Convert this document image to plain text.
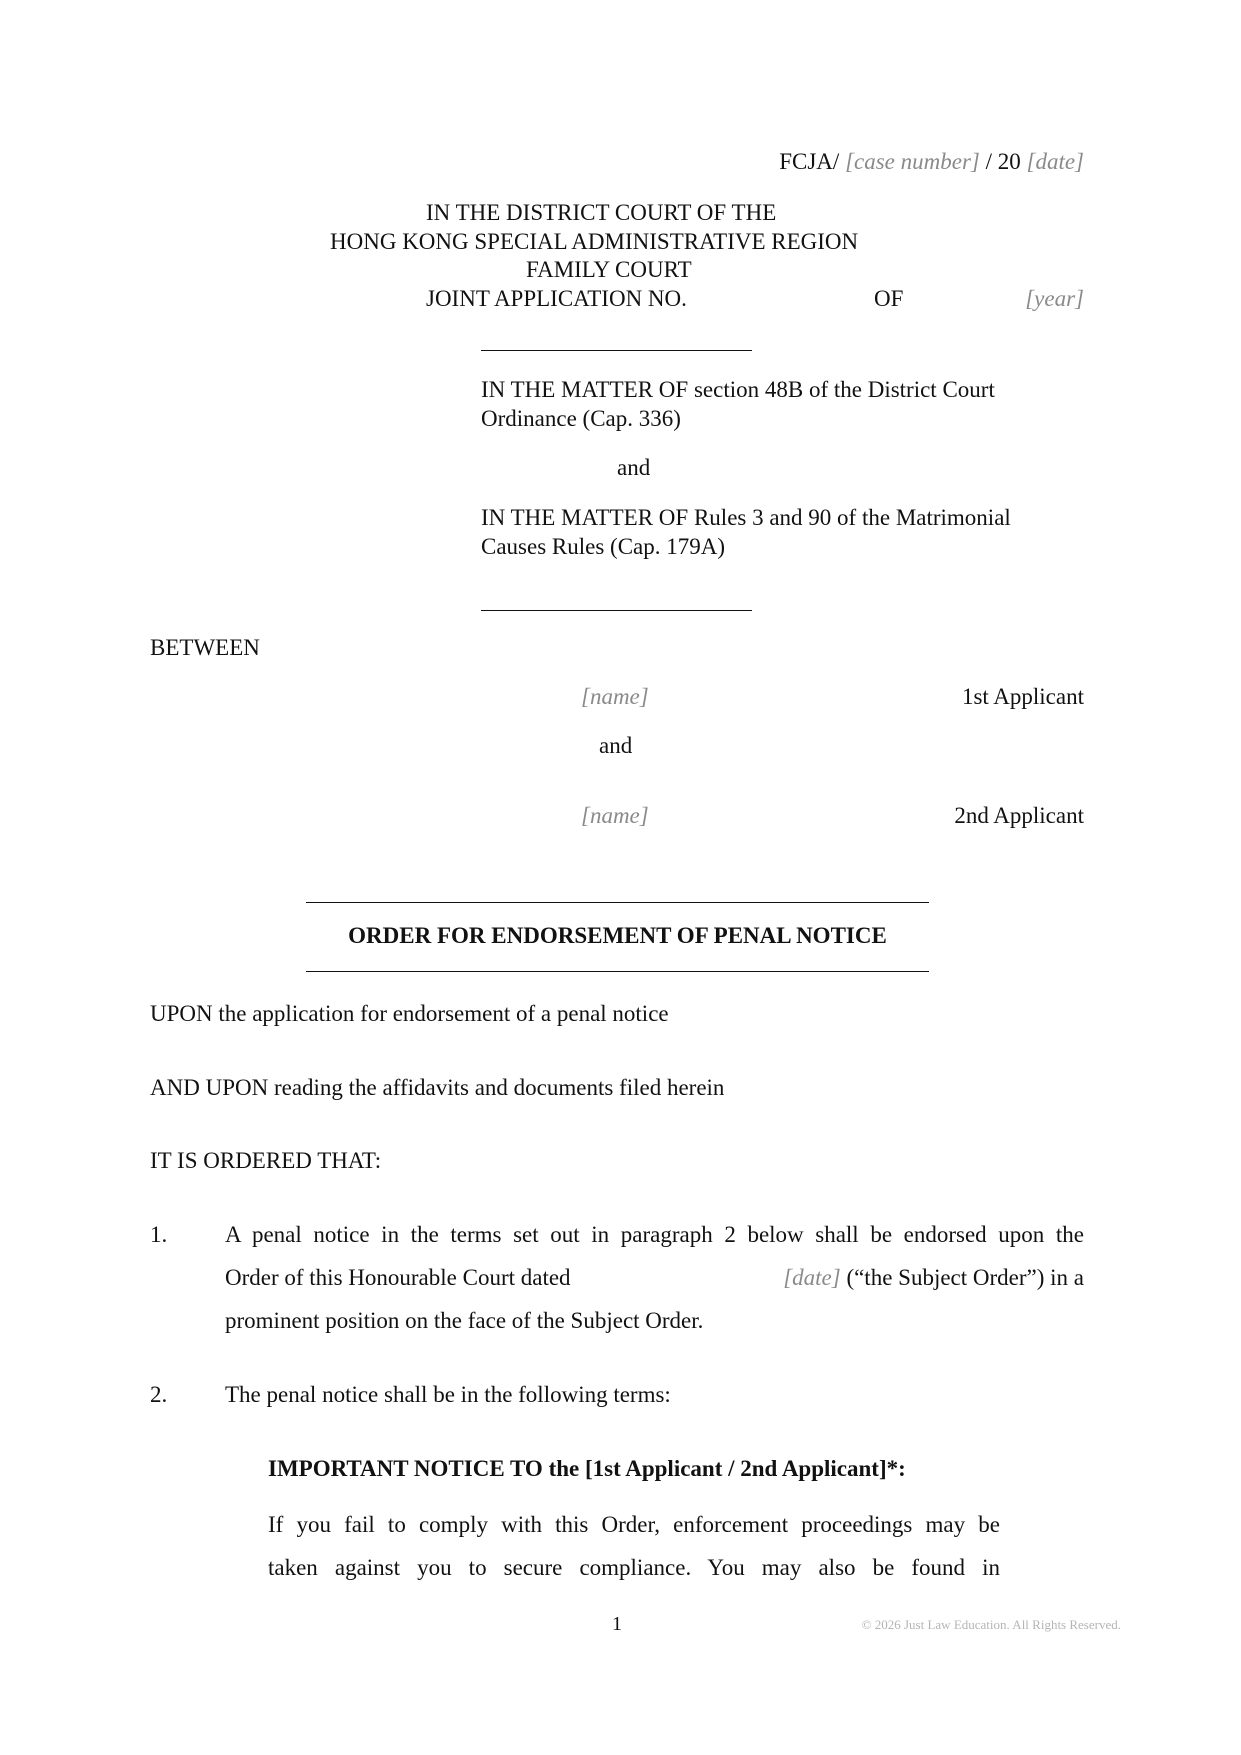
FCJA/ [case number] / 20 [date]
IN THE DISTRICT COURT OF THE
HONG KONG SPECIAL ADMINISTRATIVE REGION
FAMILY COURT
JOINT APPLICATION NO.	OF	[year]
IN THE MATTER OF section 48B of the District Court
Ordinance (Cap. 336)
and
IN THE MATTER OF Rules 3 and 90 of the Matrimonial
Causes Rules (Cap. 179A)
BETWEEN
[name]	1st Applicant
and
[name]	2nd Applicant
ORDER FOR ENDORSEMENT OF PENAL NOTICE
UPON the application for endorsement of a penal notice
AND UPON reading the affidavits and documents filed herein
IT IS ORDERED THAT:
1.	A penal notice in the terms set out in paragraph 2 below shall be endorsed upon the
Order of this Honourable Court dated	[date] (“the Subject Order”) in a
prominent position on the face of the Subject Order.
2.	The penal notice shall be in the following terms:
IMPORTANT NOTICE TO the [1st Applicant / 2nd Applicant]*:
If you fail to comply with this Order, enforcement proceedings may be
taken against you to secure compliance. You may also be found in
1	© 2026 Just Law Education. All Rights Reserved.
